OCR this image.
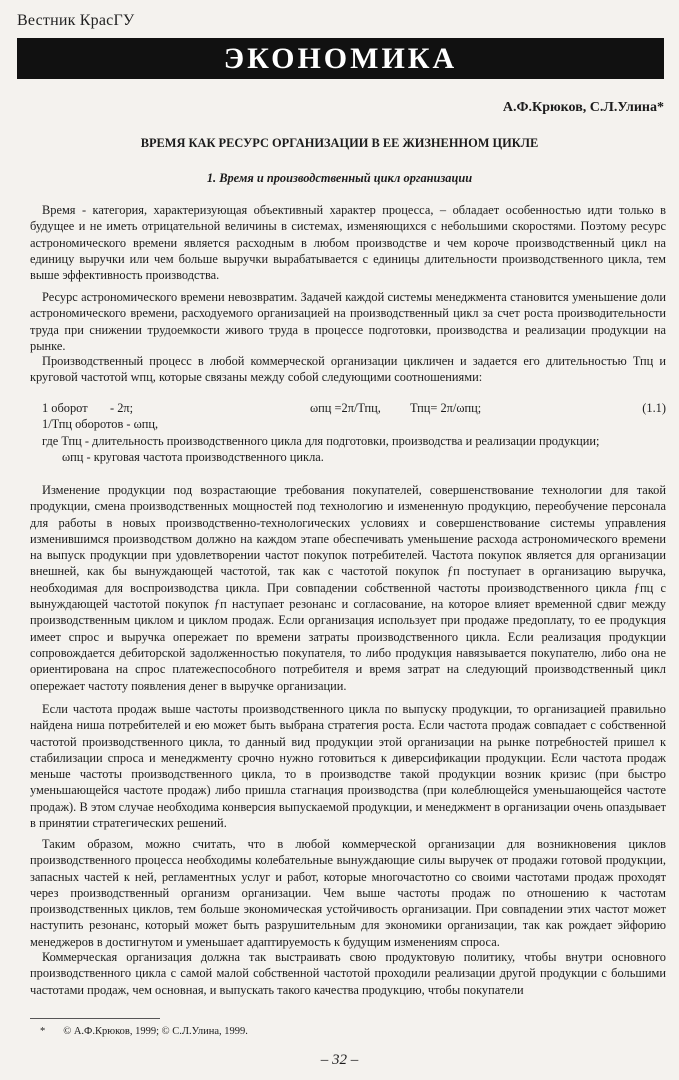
Вестник КрасГУ
ЭКОНОМИКА
А.Ф.Крюков, С.Л.Улина*
ВРЕМЯ КАК РЕСУРС ОРГАНИЗАЦИИ В ЕЕ ЖИЗНЕННОМ ЦИКЛЕ
1. Время и производственный цикл организации

Время - категория, характеризующая объективный характер процесса, – обладает особенностью идти только в будущее и не иметь отрицательной величины в системах, изменяющихся с небольшими скоростями. Поэтому ресурс астрономического времени является расходным в любом производстве и чем короче производственный цикл на единицу выручки или чем больше выручки вырабатывается с единицы длительности производственного цикла, тем выше эффективность производства.

Ресурс астрономического времени невозвратим. Задачей каждой системы менеджмента становится уменьшение доли астрономического времени, расходуемого организацией на производственный цикл за счет роста производительности труда при снижении трудоемкости живого труда в процессе подготовки, производства и реализации продукции на рынке.

Производственный процесс в любой коммерческой организации цикличен и задается его длительностью Тпц и круговой частотой wпц, которые связаны между собой следующими соотношениями:

1 оборот - 2π;	ωпц =2π/Тпц, Тпц= 2π/ωпц;	(1.1)
1/Тпц оборотов - ωпц,
где Тпц - длительность производственного цикла для подготовки, производства и реализации продукции;
ωпц - круговая частота производственного цикла.

Изменение продукции под возрастающие требования покупателей, совершенствование технологии для такой продукции, смена производственных мощностей под технологию и измененную продукцию, переобучение персонала для работы в новых производственно-технологических условиях и совершенствование системы управления изменившимся производством должно на каждом этапе обеспечивать уменьшение расхода астрономического времени на выпуск продукции при удовлетворении частот покупок потребителей. Частота покупок является для организации внешней, как бы вынуждающей частотой, так как с частотой покупок ƒп поступает в организацию выручка, необходимая для воспроизводства цикла. При совпадении собственной частоты производственного цикла ƒпц с вынуждающей частотой покупок ƒп наступает резонанс и согласование, на которое влияет временной сдвиг между производственным циклом и циклом продаж. Если организация использует при продаже предоплату, то ее продукция имеет спрос и выручка опережает по времени затраты производственного цикла. Если реализация продукции сопровождается дебиторской задолженностью покупателя, то либо продукция навязывается покупателю, либо она не ориентирована на спрос платежеспособного потребителя и время затрат на следующий производственный цикл опережает частоту появления денег в выручке организации.

Если частота продаж выше частоты производственного цикла по выпуску продукции, то организацией правильно найдена ниша потребителей и ею может быть выбрана стратегия роста. Если частота продаж совпадает с собственной частотой производственного цикла, то данный вид продукции этой организации на рынке потребностей пришел к стабилизации спроса и менеджменту срочно нужно готовиться к диверсификации продукции. Если частота продаж меньше частоты производственного цикла, то в производстве такой продукции возник кризис (при быстро уменьшающейся частоте продаж) либо пришла стагнация производства (при колеблющейся уменьшающейся частоте продаж). В этом случае необходима конверсия выпускаемой продукции, и менеджмент в организации очень опаздывает в принятии стратегических решений.

Таким образом, можно считать, что в любой коммерческой организации для возникновения циклов производственного процесса необходимы колебательные вынуждающие силы выручек от продажи готовой продукции, запасных частей к ней, регламентных услуг и работ, которые многочастотно со своими частотами продаж проходят через производственный организм организации. Чем выше частоты продаж по отношению к частотам производственных циклов, тем больше экономическая устойчивость организации. При совпадении этих частот может наступить резонанс, который может быть разрушительным для экономики организации, так как рождает эйфорию менеджеров в достигнутом и уменьшает адаптируемость к будущим изменениям спроса.

Коммерческая организация должна так выстраивать свою продуктовую политику, чтобы внутри основного производственного цикла с самой малой собственной частотой проходили реализации другой продукции с большими частотами продаж, чем основная, и выпускать такого качества продукцию, чтобы покупатели

* © А.Ф.Крюков, 1999; © С.Л.Улина, 1999.
– 32 –
